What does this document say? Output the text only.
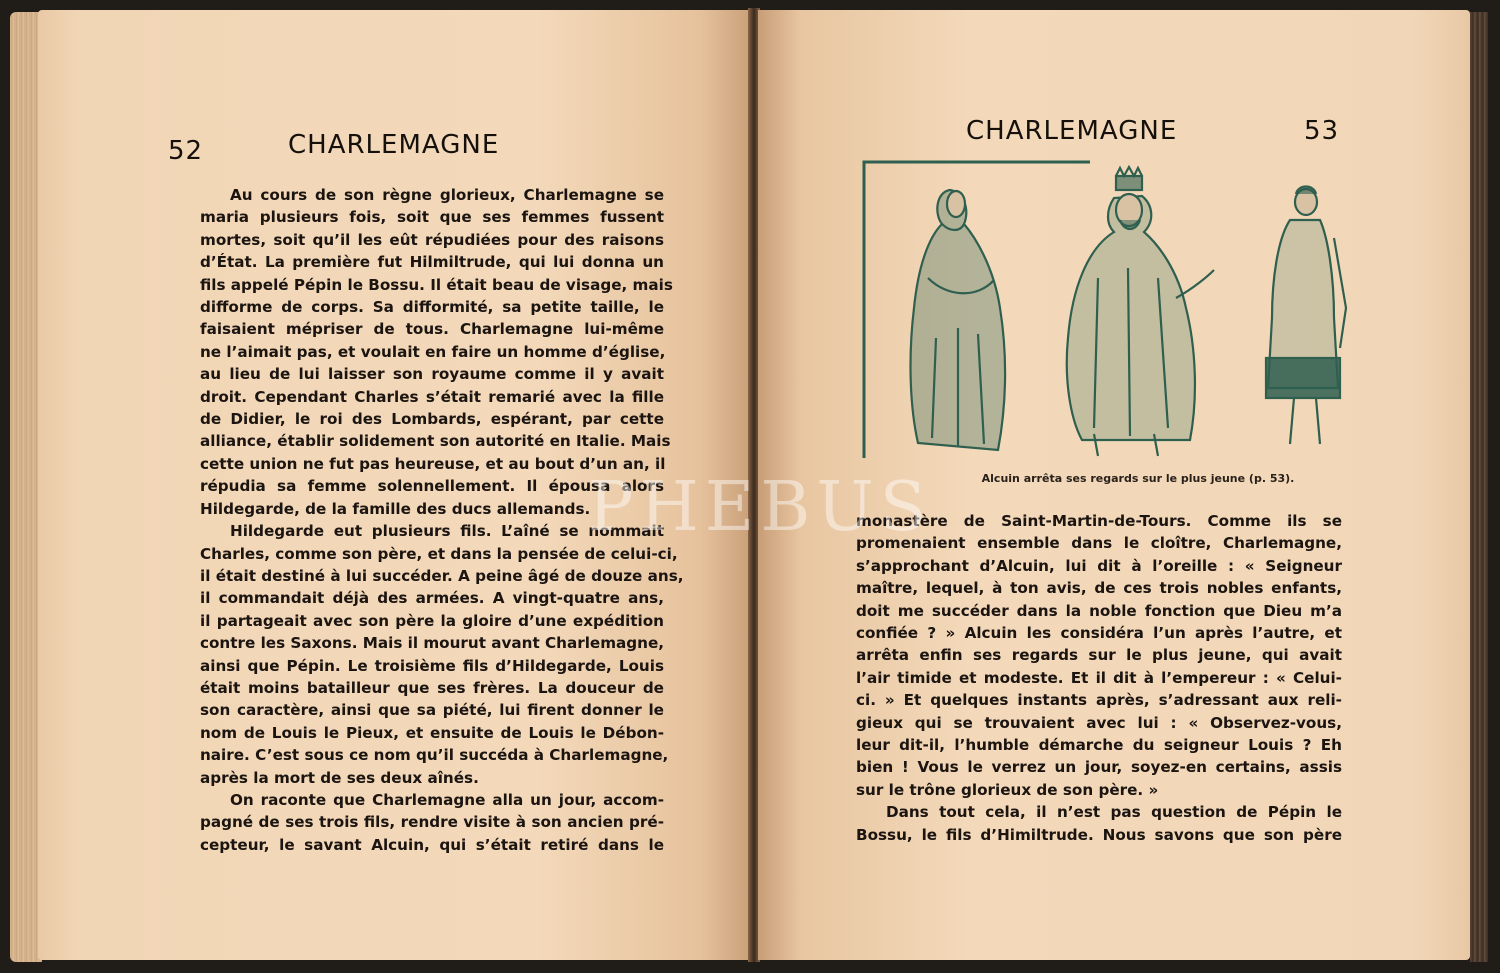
52	CHARLEMAGNE
Au cours de son règne glorieux, Charlemagne se
maria plusieurs fois, soit que ses femmes fussent
mortes, soit qu’il les eût répudiées pour des raisons
d’État. La première fut Hilmiltrude, qui lui donna un
fils appelé Pépin le Bossu. Il était beau de visage, mais
difforme de corps. Sa difformité, sa petite taille, le
faisaient mépriser de tous. Charlemagne lui-même
ne l’aimait pas, et voulait en faire un homme d’église,
au lieu de lui laisser son royaume comme il y avait
droit. Cependant Charles s’était remarié avec la fille
de Didier, le roi des Lombards, espérant, par cette
alliance, établir solidement son autorité en Italie. Mais
cette union ne fut pas heureuse, et au bout d’un an, il
répudia sa femme solennellement. Il épousa alors
Hildegarde, de la famille des ducs allemands.
Hildegarde eut plusieurs fils. L’aîné se nommait
Charles, comme son père, et dans la pensée de celui-ci,
il était destiné à lui succéder. A peine âgé de douze ans,
il commandait déjà des armées. A vingt-quatre ans,
il partageait avec son père la gloire d’une expédition
contre les Saxons. Mais il mourut avant Charlemagne,
ainsi que Pépin. Le troisième fils d’Hildegarde, Louis
était moins batailleur que ses frères. La douceur de
son caractère, ainsi que sa piété, lui firent donner le
nom de Louis le Pieux, et ensuite de Louis le Débon-
naire. C’est sous ce nom qu’il succéda à Charlemagne,
après la mort de ses deux aînés.
On raconte que Charlemagne alla un jour, accom-
pagné de ses trois fils, rendre visite à son ancien pré-
cepteur, le savant Alcuin, qui s’était retiré dans le
CHARLEMAGNE	53
Alcuin arrêta ses regards sur le plus jeune (p. 53).
monastère de Saint-Martin-de-Tours. Comme ils se
promenaient ensemble dans le cloître, Charlemagne,
s’approchant d’Alcuin, lui dit à l’oreille : « Seigneur
maître, lequel, à ton avis, de ces trois nobles enfants,
doit me succéder dans la noble fonction que Dieu m’a
confiée ? » Alcuin les considéra l’un après l’autre, et
arrêta enfin ses regards sur le plus jeune, qui avait
l’air timide et modeste. Et il dit à l’empereur : « Celui-
ci. » Et quelques instants après, s’adressant aux reli-
gieux qui se trouvaient avec lui : « Observez-vous,
leur dit-il, l’humble démarche du seigneur Louis ? Eh
bien ! Vous le verrez un jour, soyez-en certains, assis
sur le trône glorieux de son père. »
Dans tout cela, il n’est pas question de Pépin le
Bossu, le fils d’Himiltrude. Nous savons que son père
PHEBUS
